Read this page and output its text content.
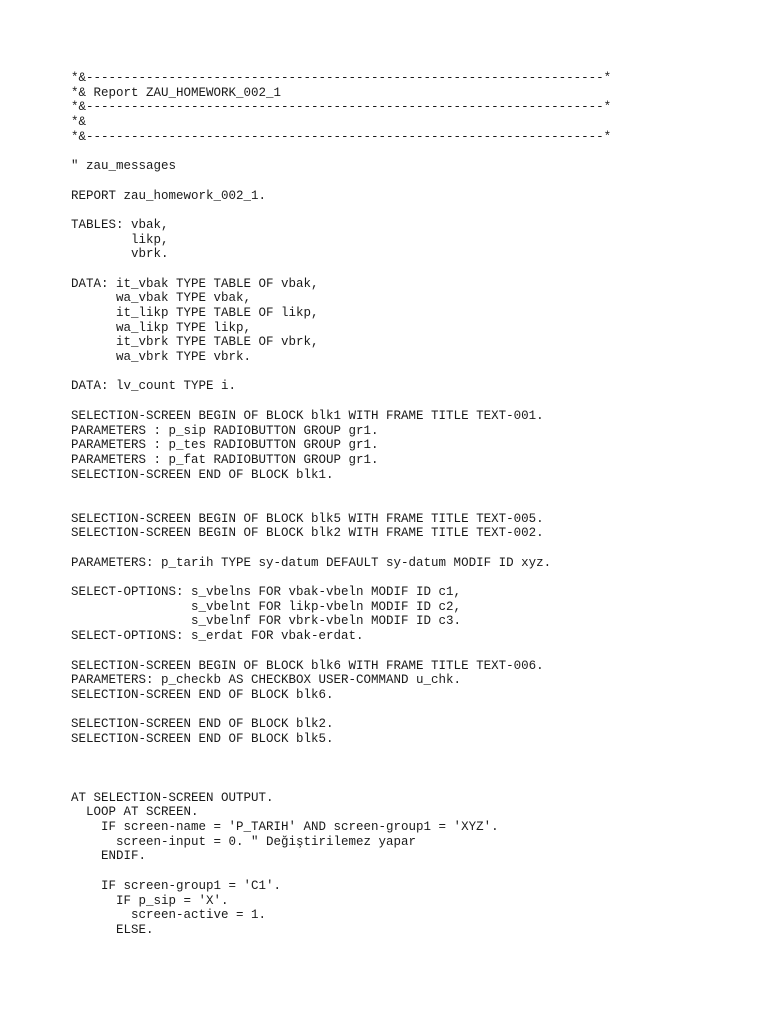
*&---------------------------------------------------------------------*
*& Report ZAU_HOMEWORK_002_1
*&---------------------------------------------------------------------*
*&
*&---------------------------------------------------------------------*
" zau_messages
REPORT zau_homework_002_1.
TABLES: vbak,
likp,
vbrk.
DATA: it_vbak TYPE TABLE OF vbak,
wa_vbak TYPE vbak,
it_likp TYPE TABLE OF likp,
wa_likp TYPE likp,
it_vbrk TYPE TABLE OF vbrk,
wa_vbrk TYPE vbrk.
DATA: lv_count TYPE i.
SELECTION-SCREEN BEGIN OF BLOCK blk1 WITH FRAME TITLE TEXT-001.
PARAMETERS : p_sip RADIOBUTTON GROUP gr1.
PARAMETERS : p_tes RADIOBUTTON GROUP gr1.
PARAMETERS : p_fat RADIOBUTTON GROUP gr1.
SELECTION-SCREEN END OF BLOCK blk1.
SELECTION-SCREEN BEGIN OF BLOCK blk5 WITH FRAME TITLE TEXT-005.
SELECTION-SCREEN BEGIN OF BLOCK blk2 WITH FRAME TITLE TEXT-002.
PARAMETERS: p_tarih TYPE sy-datum DEFAULT sy-datum MODIF ID xyz.
SELECT-OPTIONS: s_vbelns FOR vbak-vbeln MODIF ID c1,
s_vbelnt FOR likp-vbeln MODIF ID c2,
s_vbelnf FOR vbrk-vbeln MODIF ID c3.
SELECT-OPTIONS: s_erdat FOR vbak-erdat.
SELECTION-SCREEN BEGIN OF BLOCK blk6 WITH FRAME TITLE TEXT-006.
PARAMETERS: p_checkb AS CHECKBOX USER-COMMAND u_chk.
SELECTION-SCREEN END OF BLOCK blk6.
SELECTION-SCREEN END OF BLOCK blk2.
SELECTION-SCREEN END OF BLOCK blk5.
AT SELECTION-SCREEN OUTPUT.
LOOP AT SCREEN.
IF screen-name = 'P_TARIH' AND screen-group1 = 'XYZ'.
screen-input = 0. " Değiştirilemez yapar
ENDIF.
IF screen-group1 = 'C1'.
IF p_sip = 'X'.
screen-active = 1.
ELSE.
